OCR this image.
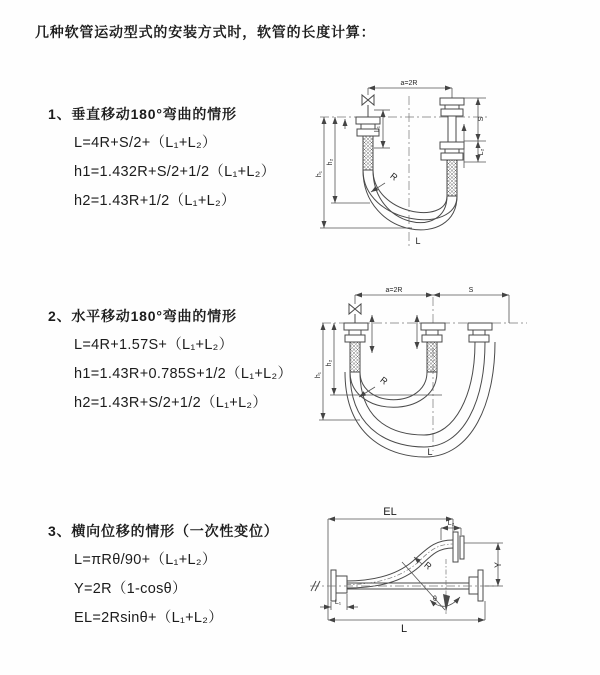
几种软管运动型式的安装方式时，软管的长度计算：
1、垂直移动180°弯曲的情形
L=4R+S/2+（L₁+L₂）
h1=1.432R+S/2+1/2（L₁+L₂）
h2=1.43R+1/2（L₁+L₂）
2、水平移动180°弯曲的情形
L=4R+1.57S+（L₁+L₂）
h1=1.43R+0.785S+1/2（L₁+L₂）
h2=1.43R+S/2+1/2（L₁+L₂）
3、横向位移的情形（一次性变位）
L=πRθ/90+（L₁+L₂）
Y=2R（1-cosθ）
EL=2Rsinθ+（L₁+L₂）
a=2R
L₁
S
L₂
h₁
h₂
R
L
a=2R	S
h₁
h₂
R
L
EL
L₂
Y
R
θ
L
L₁
